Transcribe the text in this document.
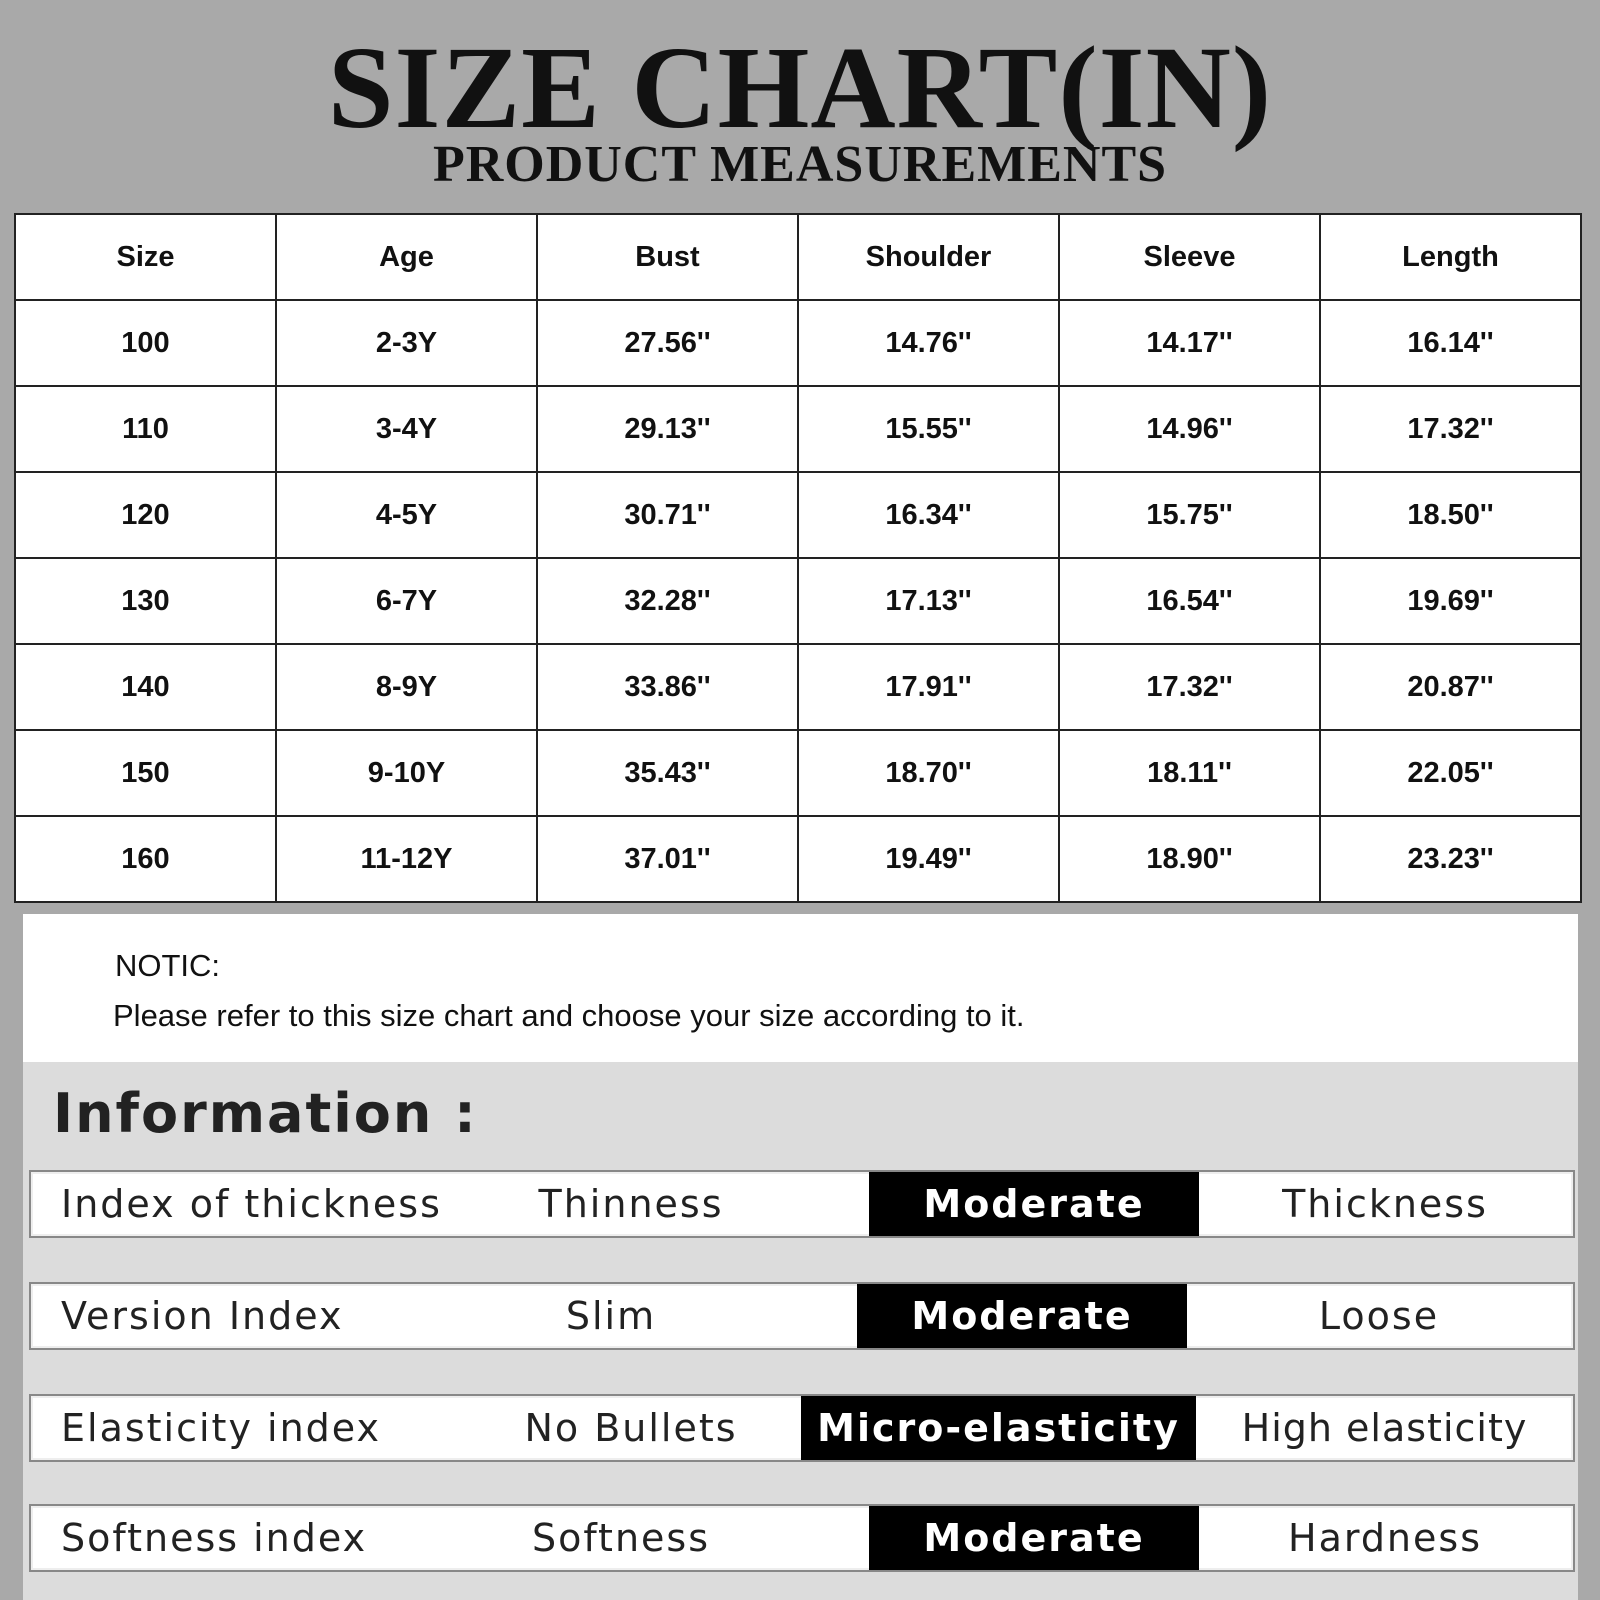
SIZE CHART(IN)
PRODUCT MEASUREMENTS
Size	Age	Bust	Shoulder	Sleeve	Length
100	2-3Y	27.56''	14.76''	14.17''	16.14''
110	3-4Y	29.13''	15.55''	14.96''	17.32''
120	4-5Y	30.71''	16.34''	15.75''	18.50''
130	6-7Y	32.28''	17.13''	16.54''	19.69''
140	8-9Y	33.86''	17.91''	17.32''	20.87''
150	9-10Y	35.43''	18.70''	18.11''	22.05''
160	11-12Y	37.01''	19.49''	18.90''	23.23''
NOTIC:
Please refer to this size chart and choose your size according to it.
Information :
Index of thickness	Thinness	Moderate	Thickness
Version Index	Slim	Moderate	Loose
Elasticity index	No Bullets	Micro-elasticity	High elasticity
Softness index	Softness	Moderate	Hardness
